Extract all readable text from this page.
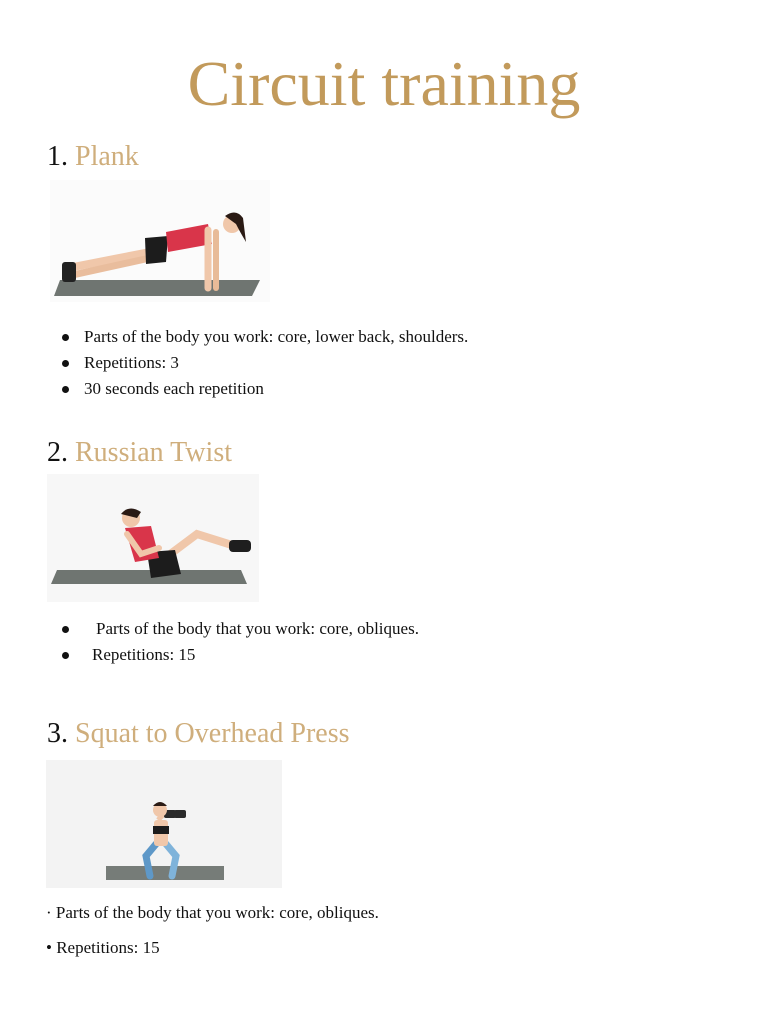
Circuit training
1. Plank
Parts of the body you work: core, lower back, shoulders.
Repetitions: 3
30 seconds each repetition
2. Russian Twist
Parts of the body that you work: core, obliques.
Repetitions: 15
3. Squat to Overhead Press
· Parts of the body that you work: core, obliques.
• Repetitions: 15
